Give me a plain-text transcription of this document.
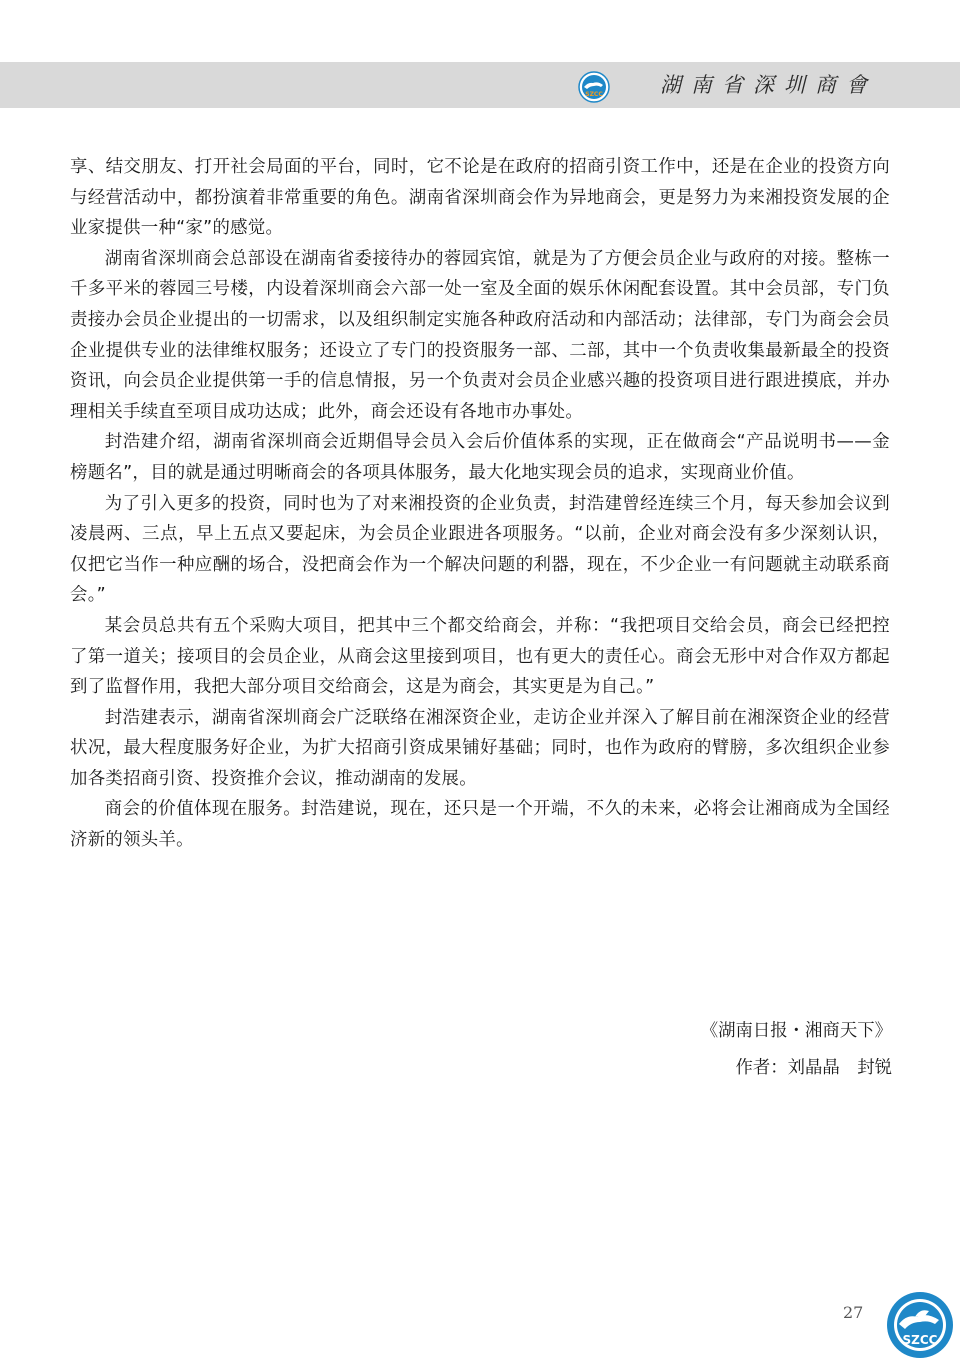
SZCC	湖南省深圳商會

享、结交朋友、打开社会局面的平台，同时，它不论是在政府的招商引资工作中，还是在企业的投资方向与经营活动中，都扮演着非常重要的角色。湖南省深圳商会作为异地商会，更是努力为来湘投资发展的企业家提供一种“家”的感觉。

湖南省深圳商会总部设在湖南省委接待办的蓉园宾馆，就是为了方便会员企业与政府的对接。整栋一千多平米的蓉园三号楼，内设着深圳商会六部一处一室及全面的娱乐休闲配套设置。其中会员部，专门负责接办会员企业提出的一切需求，以及组织制定实施各种政府活动和内部活动；法律部，专门为商会会员企业提供专业的法律维权服务；还设立了专门的投资服务一部、二部，其中一个负责收集最新最全的投资资讯，向会员企业提供第一手的信息情报，另一个负责对会员企业感兴趣的投资项目进行跟进摸底，并办理相关手续直至项目成功达成；此外，商会还设有各地市办事处。

封浩建介绍，湖南省深圳商会近期倡导会员入会后价值体系的实现，正在做商会“产品说明书——金榜题名”，目的就是通过明晰商会的各项具体服务，最大化地实现会员的追求，实现商业价值。

为了引入更多的投资，同时也为了对来湘投资的企业负责，封浩建曾经连续三个月，每天参加会议到凌晨两、三点，早上五点又要起床，为会员企业跟进各项服务。“以前，企业对商会没有多少深刻认识，仅把它当作一种应酬的场合，没把商会作为一个解决问题的利器，现在，不少企业一有问题就主动联系商会。”

某会员总共有五个采购大项目，把其中三个都交给商会，并称：“我把项目交给会员，商会已经把控了第一道关；接项目的会员企业，从商会这里接到项目，也有更大的责任心。商会无形中对合作双方都起到了监督作用，我把大部分项目交给商会，这是为商会，其实更是为自己。”

封浩建表示，湖南省深圳商会广泛联络在湘深资企业，走访企业并深入了解目前在湘深资企业的经营状况，最大程度服务好企业，为扩大招商引资成果铺好基础；同时，也作为政府的臂膀，多次组织企业参加各类招商引资、投资推介会议，推动湖南的发展。

商会的价值体现在服务。封浩建说，现在，还只是一个开端，不久的未来，必将会让湘商成为全国经济新的领头羊。

《湖南日报・湘商天下》
作者：刘晶晶　封锐
27
SZCC
